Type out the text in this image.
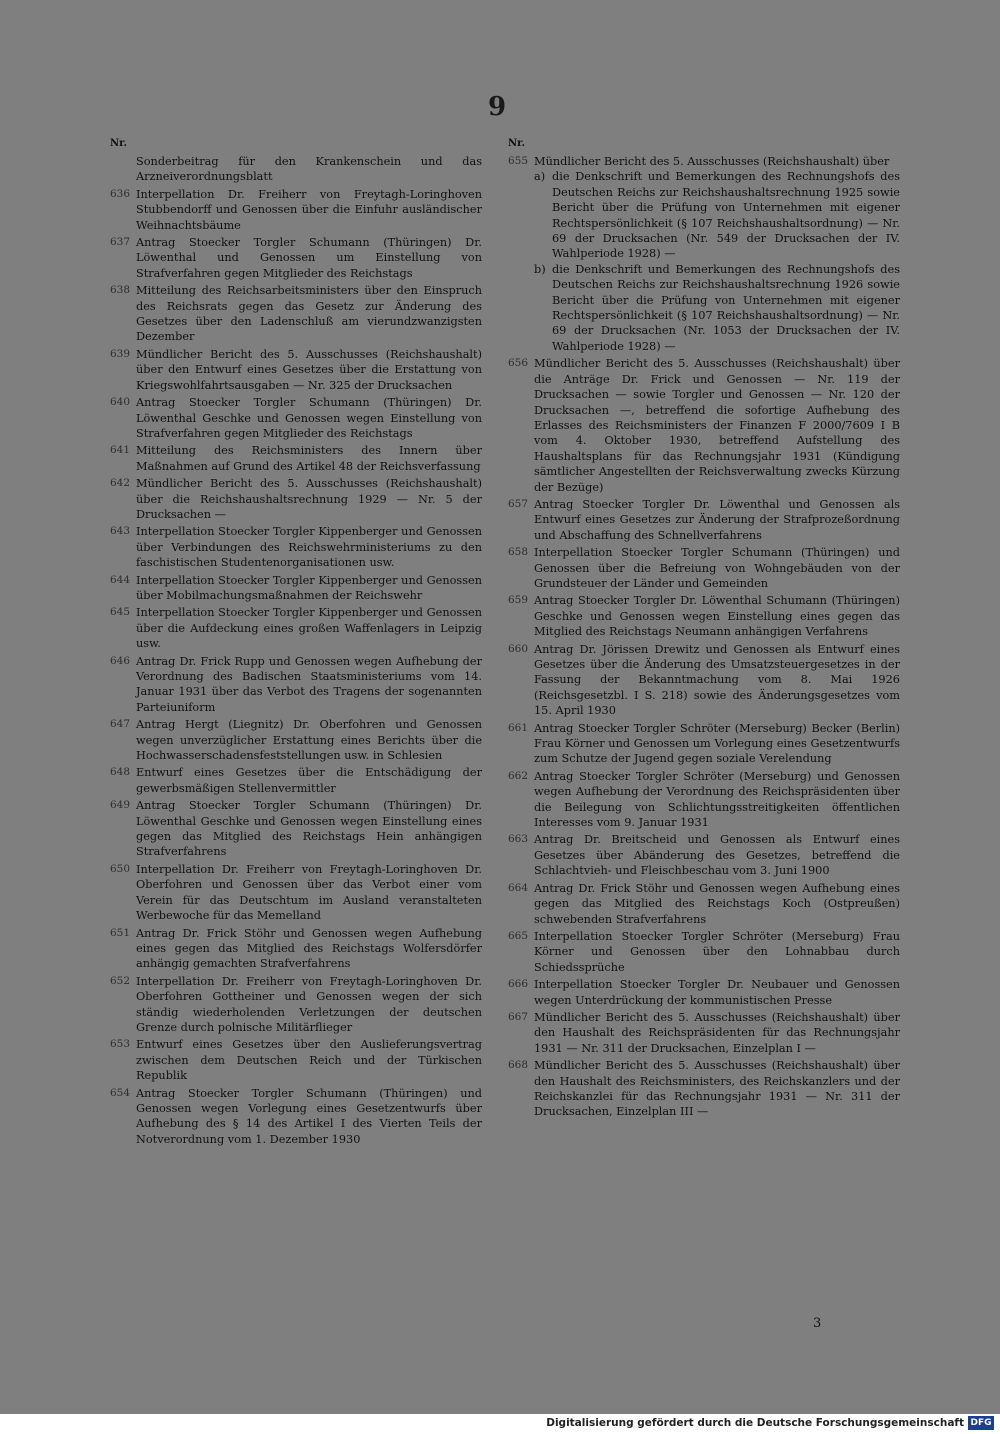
9
Nr.
Sonderbeitrag für den Krankenschein und das Arzneiverordnungsblatt
636 Interpellation Dr. Freiherr von Freytagh-Loringhoven Stubbendorff und Genossen über die Einfuhr ausländischer Weihnachtsbäume
637 Antrag Stoecker Torgler Schumann (Thüringen) Dr. Löwenthal und Genossen um Einstellung von Strafverfahren gegen Mitglieder des Reichstags
638 Mitteilung des Reichsarbeitsministers über den Einspruch des Reichsrats gegen das Gesetz zur Änderung des Gesetzes über den Ladenschluß am vierundzwanzigsten Dezember
639 Mündlicher Bericht des 5. Ausschusses (Reichshaushalt) über den Entwurf eines Gesetzes über die Erstattung von Kriegswohlfahrtsausgaben — Nr. 325 der Drucksachen
640 Antrag Stoecker Torgler Schumann (Thüringen) Dr. Löwenthal Geschke und Genossen wegen Einstellung von Strafverfahren gegen Mitglieder des Reichstags
641 Mitteilung des Reichsministers des Innern über Maßnahmen auf Grund des Artikel 48 der Reichsverfassung
642 Mündlicher Bericht des 5. Ausschusses (Reichshaushalt) über die Reichshaushaltsrechnung 1929 — Nr. 5 der Drucksachen —
643 Interpellation Stoecker Torgler Kippenberger und Genossen über Verbindungen des Reichswehrministeriums zu den faschistischen Studentenorganisationen usw.
644 Interpellation Stoecker Torgler Kippenberger und Genossen über Mobilmachungsmaßnahmen der Reichswehr
645 Interpellation Stoecker Torgler Kippenberger und Genossen über die Aufdeckung eines großen Waffenlagers in Leipzig usw.
646 Antrag Dr. Frick Rupp und Genossen wegen Aufhebung der Verordnung des Badischen Staatsministeriums vom 14. Januar 1931 über das Verbot des Tragens der sogenannten Parteiuniform
647 Antrag Hergt (Liegnitz) Dr. Oberfohren und Genossen wegen unverzüglicher Erstattung eines Berichts über die Hochwasserschadensfeststellungen usw. in Schlesien
648 Entwurf eines Gesetzes über die Entschädigung der gewerbsmäßigen Stellenvermittler
649 Antrag Stoecker Torgler Schumann (Thüringen) Dr. Löwenthal Geschke und Genossen wegen Einstellung eines gegen das Mitglied des Reichstags Hein anhängigen Strafverfahrens
650 Interpellation Dr. Freiherr von Freytagh-Loringhoven Dr. Oberfohren und Genossen über das Verbot einer vom Verein für das Deutschtum im Ausland veranstalteten Werbewoche für das Memelland
651 Antrag Dr. Frick Stöhr und Genossen wegen Aufhebung eines gegen das Mitglied des Reichstags Wolfersdörfer anhängig gemachten Strafverfahrens
652 Interpellation Dr. Freiherr von Freytagh-Loringhoven Dr. Oberfohren Gottheiner und Genossen wegen der sich ständig wiederholenden Verletzungen der deutschen Grenze durch polnische Militärflieger
653 Entwurf eines Gesetzes über den Auslieferungsvertrag zwischen dem Deutschen Reich und der Türkischen Republik
654 Antrag Stoecker Torgler Schumann (Thüringen) und Genossen wegen Vorlegung eines Gesetzentwurfs über Aufhebung des § 14 des Artikel I des Vierten Teils der Notverordnung vom 1. Dezember 1930
Nr.
655 Mündlicher Bericht des 5. Ausschusses (Reichshaushalt) über
a) die Denkschrift und Bemerkungen des Rechnungshofs des Deutschen Reichs zur Reichshaushaltsrechnung 1925 sowie Bericht über die Prüfung von Unternehmen mit eigener Rechtspersönlichkeit (§ 107 Reichshaushaltsordnung) — Nr. 69 der Drucksachen (Nr. 549 der Drucksachen der IV. Wahlperiode 1928) —
b) die Denkschrift und Bemerkungen des Rechnungshofs des Deutschen Reichs zur Reichshaushaltsrechnung 1926 sowie Bericht über die Prüfung von Unternehmen mit eigener Rechtspersönlichkeit (§ 107 Reichshaushaltsordnung) — Nr. 69 der Drucksachen (Nr. 1053 der Drucksachen der IV. Wahlperiode 1928) —
656 Mündlicher Bericht des 5. Ausschusses (Reichshaushalt) über die Anträge Dr. Frick und Genossen — Nr. 119 der Drucksachen — sowie Torgler und Genossen — Nr. 120 der Drucksachen —, betreffend die sofortige Aufhebung des Erlasses des Reichsministers der Finanzen F 2000/7609 I B vom 4. Oktober 1930, betreffend Aufstellung des Haushaltsplans für das Rechnungsjahr 1931 (Kündigung sämtlicher Angestellten der Reichsverwaltung zwecks Kürzung der Bezüge)
657 Antrag Stoecker Torgler Dr. Löwenthal und Genossen als Entwurf eines Gesetzes zur Änderung der Strafprozeßordnung und Abschaffung des Schnellverfahrens
658 Interpellation Stoecker Torgler Schumann (Thüringen) und Genossen über die Befreiung von Wohngebäuden von der Grundsteuer der Länder und Gemeinden
659 Antrag Stoecker Torgler Dr. Löwenthal Schumann (Thüringen) Geschke und Genossen wegen Einstellung eines gegen das Mitglied des Reichstags Neumann anhängigen Verfahrens
660 Antrag Dr. Jörissen Drewitz und Genossen als Entwurf eines Gesetzes über die Änderung des Umsatzsteuergesetzes in der Fassung der Bekanntmachung vom 8. Mai 1926 (Reichsgesetzbl. I S. 218) sowie des Änderungsgesetzes vom 15. April 1930
661 Antrag Stoecker Torgler Schröter (Merseburg) Becker (Berlin) Frau Körner und Genossen um Vorlegung eines Gesetzentwurfs zum Schutze der Jugend gegen soziale Verelendung
662 Antrag Stoecker Torgler Schröter (Merseburg) und Genossen wegen Aufhebung der Verordnung des Reichspräsidenten über die Beilegung von Schlichtungsstreitigkeiten öffentlichen Interesses vom 9. Januar 1931
663 Antrag Dr. Breitscheid und Genossen als Entwurf eines Gesetzes über Abänderung des Gesetzes, betreffend die Schlachtvieh- und Fleischbeschau vom 3. Juni 1900
664 Antrag Dr. Frick Stöhr und Genossen wegen Aufhebung eines gegen das Mitglied des Reichstags Koch (Ostpreußen) schwebenden Strafverfahrens
665 Interpellation Stoecker Torgler Schröter (Merseburg) Frau Körner und Genossen über den Lohnabbau durch Schiedssprüche
666 Interpellation Stoecker Torgler Dr. Neubauer und Genossen wegen Unterdrückung der kommunistischen Presse
667 Mündlicher Bericht des 5. Ausschusses (Reichshaushalt) über den Haushalt des Reichspräsidenten für das Rechnungsjahr 1931 — Nr. 311 der Drucksachen, Einzelplan I —
668 Mündlicher Bericht des 5. Ausschusses (Reichshaushalt) über den Haushalt des Reichsministers, des Reichskanzlers und der Reichskanzlei für das Rechnungsjahr 1931 — Nr. 311 der Drucksachen, Einzelplan III —
3
Digitalisierung gefördert durch die Deutsche Forschungsgemeinschaft DFG
